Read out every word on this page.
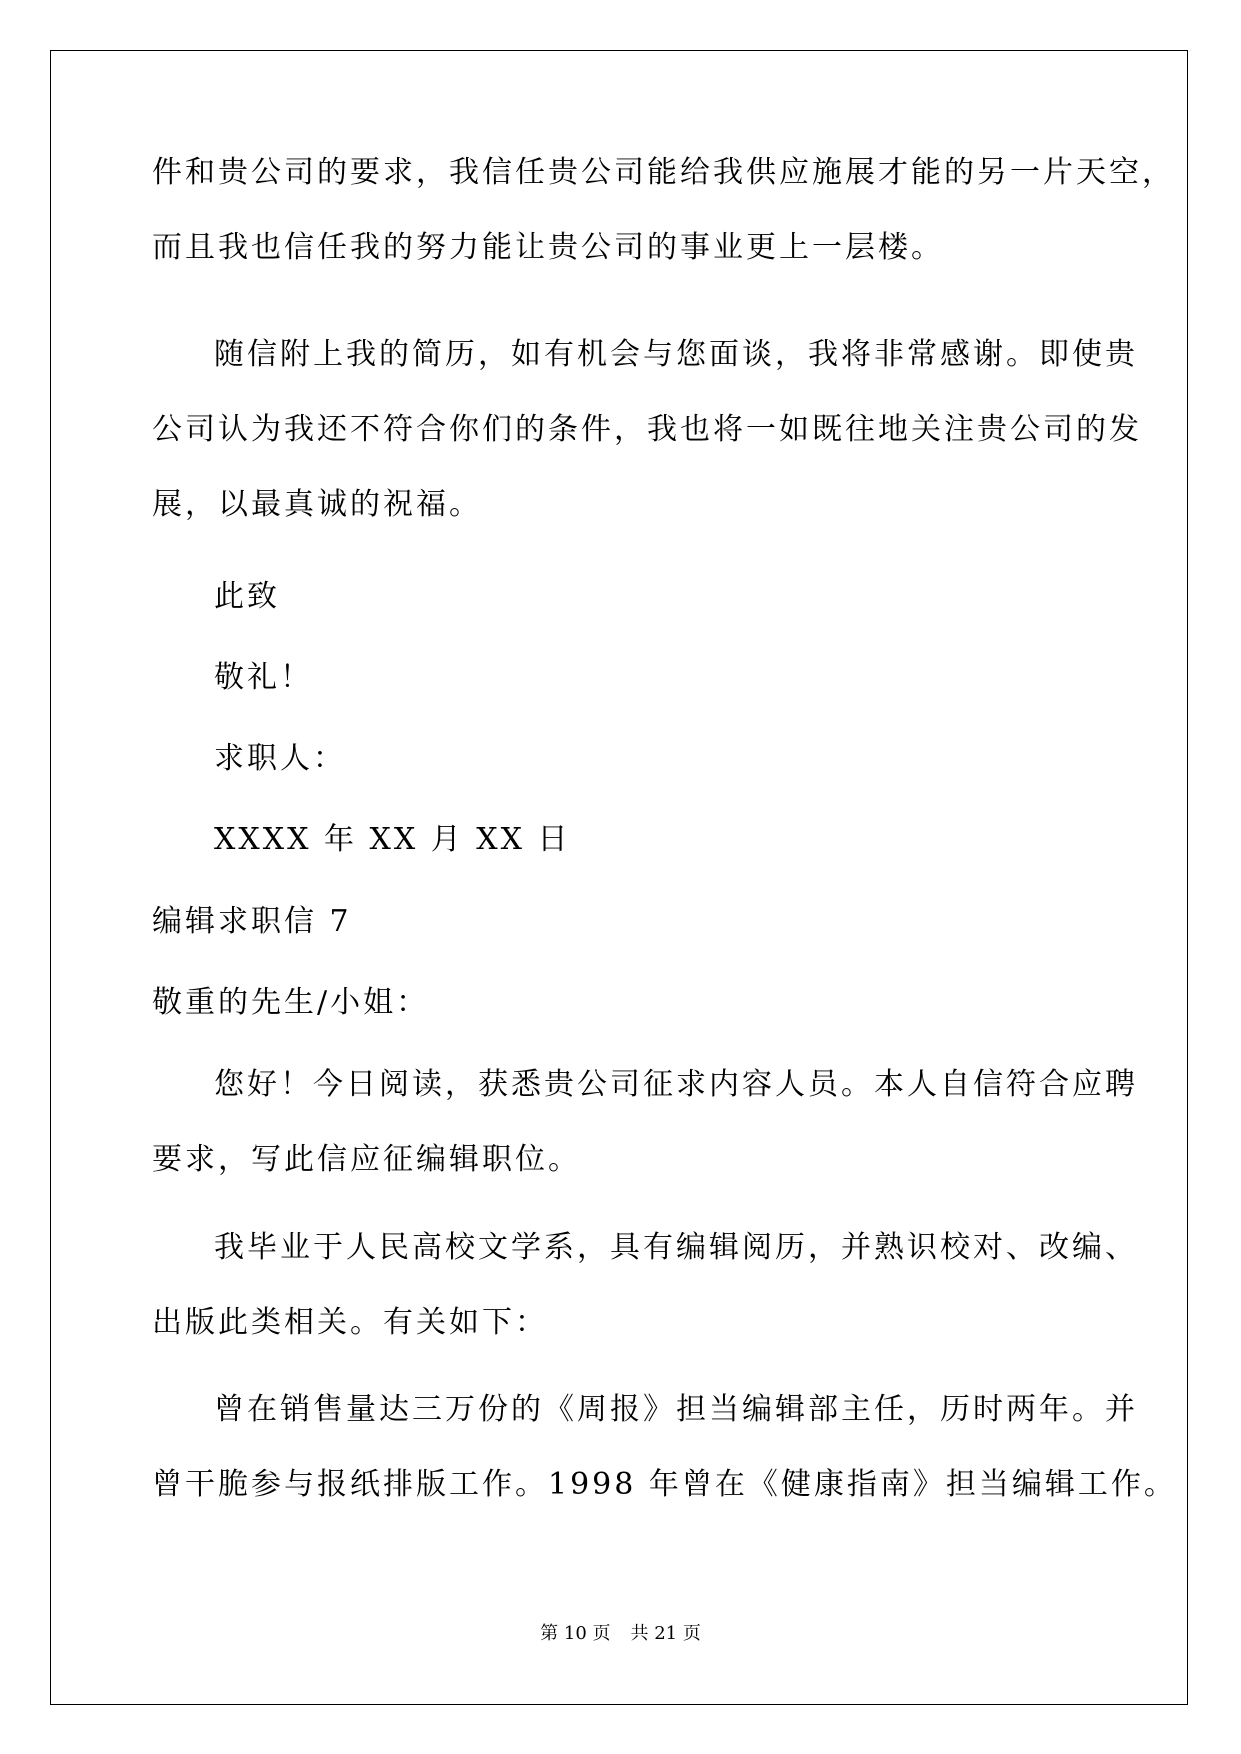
件和贵公司的要求，我信任贵公司能给我供应施展才能的另一片天空，
而且我也信任我的努力能让贵公司的事业更上一层楼。
随信附上我的简历，如有机会与您面谈，我将非常感谢。即使贵
公司认为我还不符合你们的条件，我也将一如既往地关注贵公司的发
展，以最真诚的祝福。
此致
敬礼！
求职人：
XXXX 年 XX 月 XX 日
编辑求职信 7
敬重的先生/小姐：
您好！今日阅读，获悉贵公司征求内容人员。本人自信符合应聘
要求，写此信应征编辑职位。
我毕业于人民高校文学系，具有编辑阅历，并熟识校对、改编、
出版此类相关。有关如下：
曾在销售量达三万份的《周报》担当编辑部主任，历时两年。并
曾干脆参与报纸排版工作。1998 年曾在《健康指南》担当编辑工作。
第 10 页 共 21 页
